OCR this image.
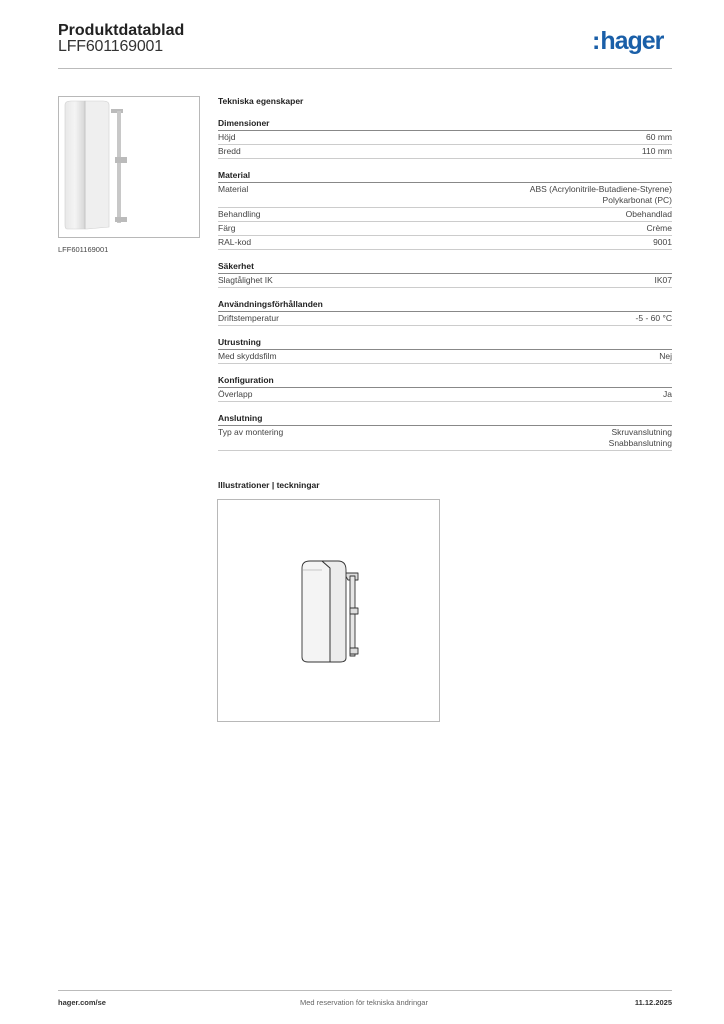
Produktdatablad
LFF601169001	:hager
LFF601169001
Tekniska egenskaper
Dimensioner
Höjd	60 mm
Bredd	110 mm
Material
Material	ABS (Acrylonitrile-Butadiene-Styrene)
Polykarbonat (PC)
Behandling	Obehandlad
Färg	Crème
RAL-kod	9001
Säkerhet
Slagtålighet IK	IK07
Användningsförhållanden
Driftstemperatur	-5 - 60 °C
Utrustning
Med skyddsfilm	Nej
Konfiguration
Överlapp	Ja
Anslutning
Typ av montering	Skruvanslutning
Snabbanslutning
Illustrationer | teckningar
hager.com/se	Med reservation för tekniska ändringar	11.12.2025
